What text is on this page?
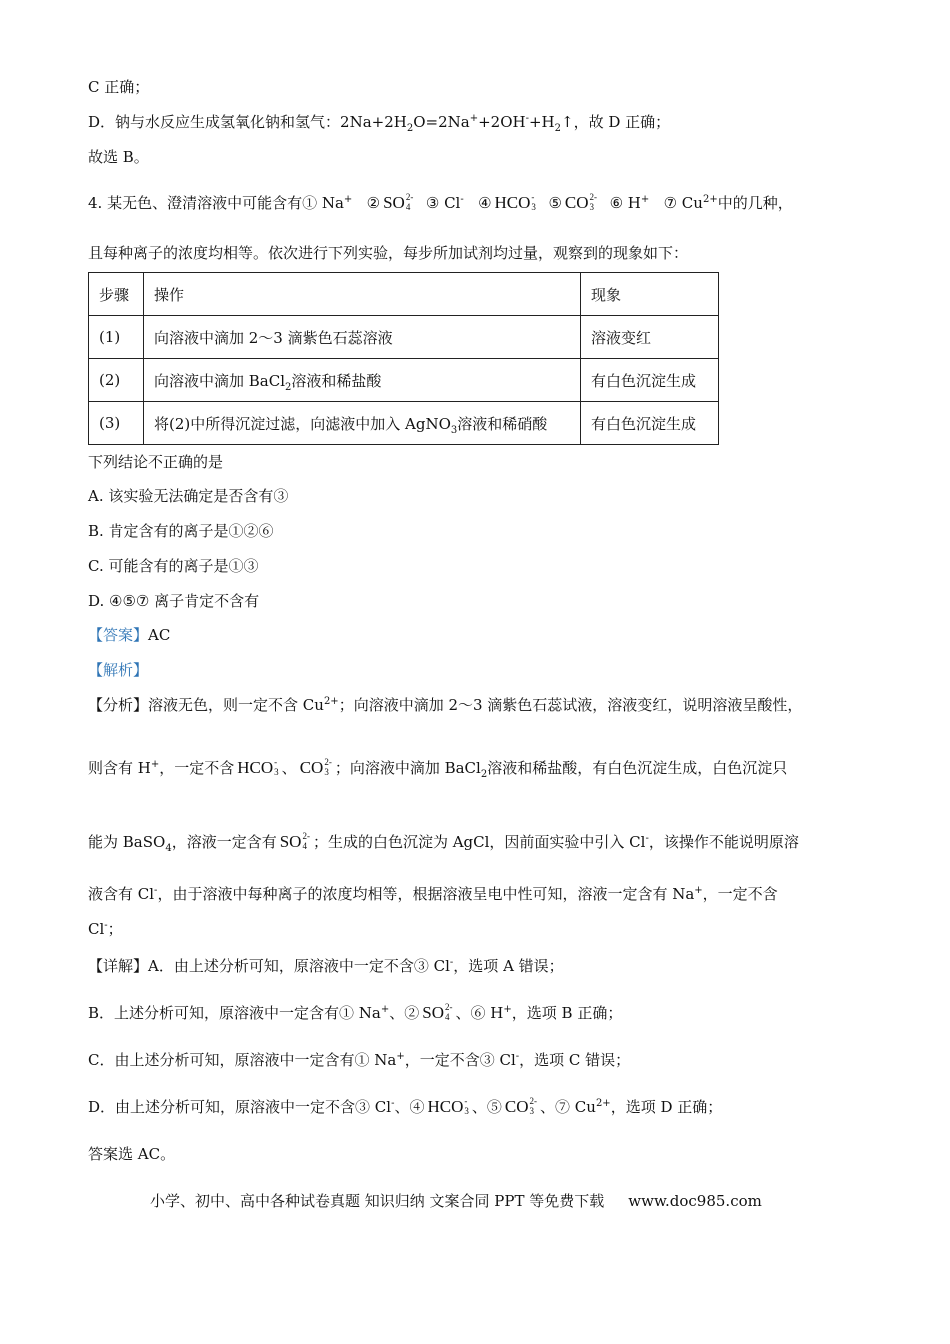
C 正确；
D．钠与水反应生成氢氧化钠和氢气：$2Na+2H_2O=2Na^++2OH^-+H_2↑$，故 D 正确；
故选 B。
4. 某无色、澄清溶液中可能含有① Na+ ② SO 2-
4 ③ Cl- ④ HCO -
3 ⑤ CO 2-
3 ⑥ H+ ⑦ $Cu^{2+}$中的几种，
且每种离子的浓度均相等。依次进行下列实验，每步所加试剂均过量，观察到的现象如下：
步骤	操作	现象
(1)	向溶液中滴加 2～3 滴紫色石蕊溶液	溶液变红
(2)	向溶液中滴加 BaCl$_2$溶液和稀盐酸	有白色沉淀生成
(3)	将(2)中所得沉淀过滤，向滤液中加入 AgNO$_3$溶液和稀硝酸	有白色沉淀生成
下列结论不正确的是
A. 该实验无法确定是否含有③
B. 肯定含有的离子是①②⑥
C. 可能含有的离子是①③
D. ④⑤⑦ 离子肯定不含有
【答案】AC
【解析】
【分析】溶液无色，则一定不含 $Cu^{2+}$；向溶液中滴加 2～3 滴紫色石蕊试液，溶液变红，说明溶液呈酸性，
则含有 H+，一定不含 HCO -
3 、 CO 2-
3 ；向溶液中滴加 BaCl$_2$溶液和稀盐酸，有白色沉淀生成，白色沉淀只
能为 BaSO$_4$，溶液一定含有 SO 2-
4 ；生成的白色沉淀为 AgCl，因前面实验中引入 Cl-，该操作不能说明原溶
液含有 Cl-，由于溶液中每种离子的浓度均相等，根据溶液呈电中性可知，溶液一定含有 Na+，一定不含
Cl-；
【详解】A．由上述分析可知，原溶液中一定不含③ Cl-，选项 A 错误；
B．上述分析可知，原溶液中一定含有① Na+、② SO 2-
4 、⑥ H+，选项 B 正确；
C．由上述分析可知，原溶液中一定含有① Na+，一定不含③ Cl-，选项 C 错误；
D．由上述分析可知，原溶液中一定不含③ Cl-、④ HCO -
3 、⑤ CO 2-
3 、⑦ $Cu^{2+}$，选项 D 正确；
答案选 AC。
小学、初中、高中各种试卷真题 知识归纳 文案合同 PPT 等免费下载 www.doc985.com
